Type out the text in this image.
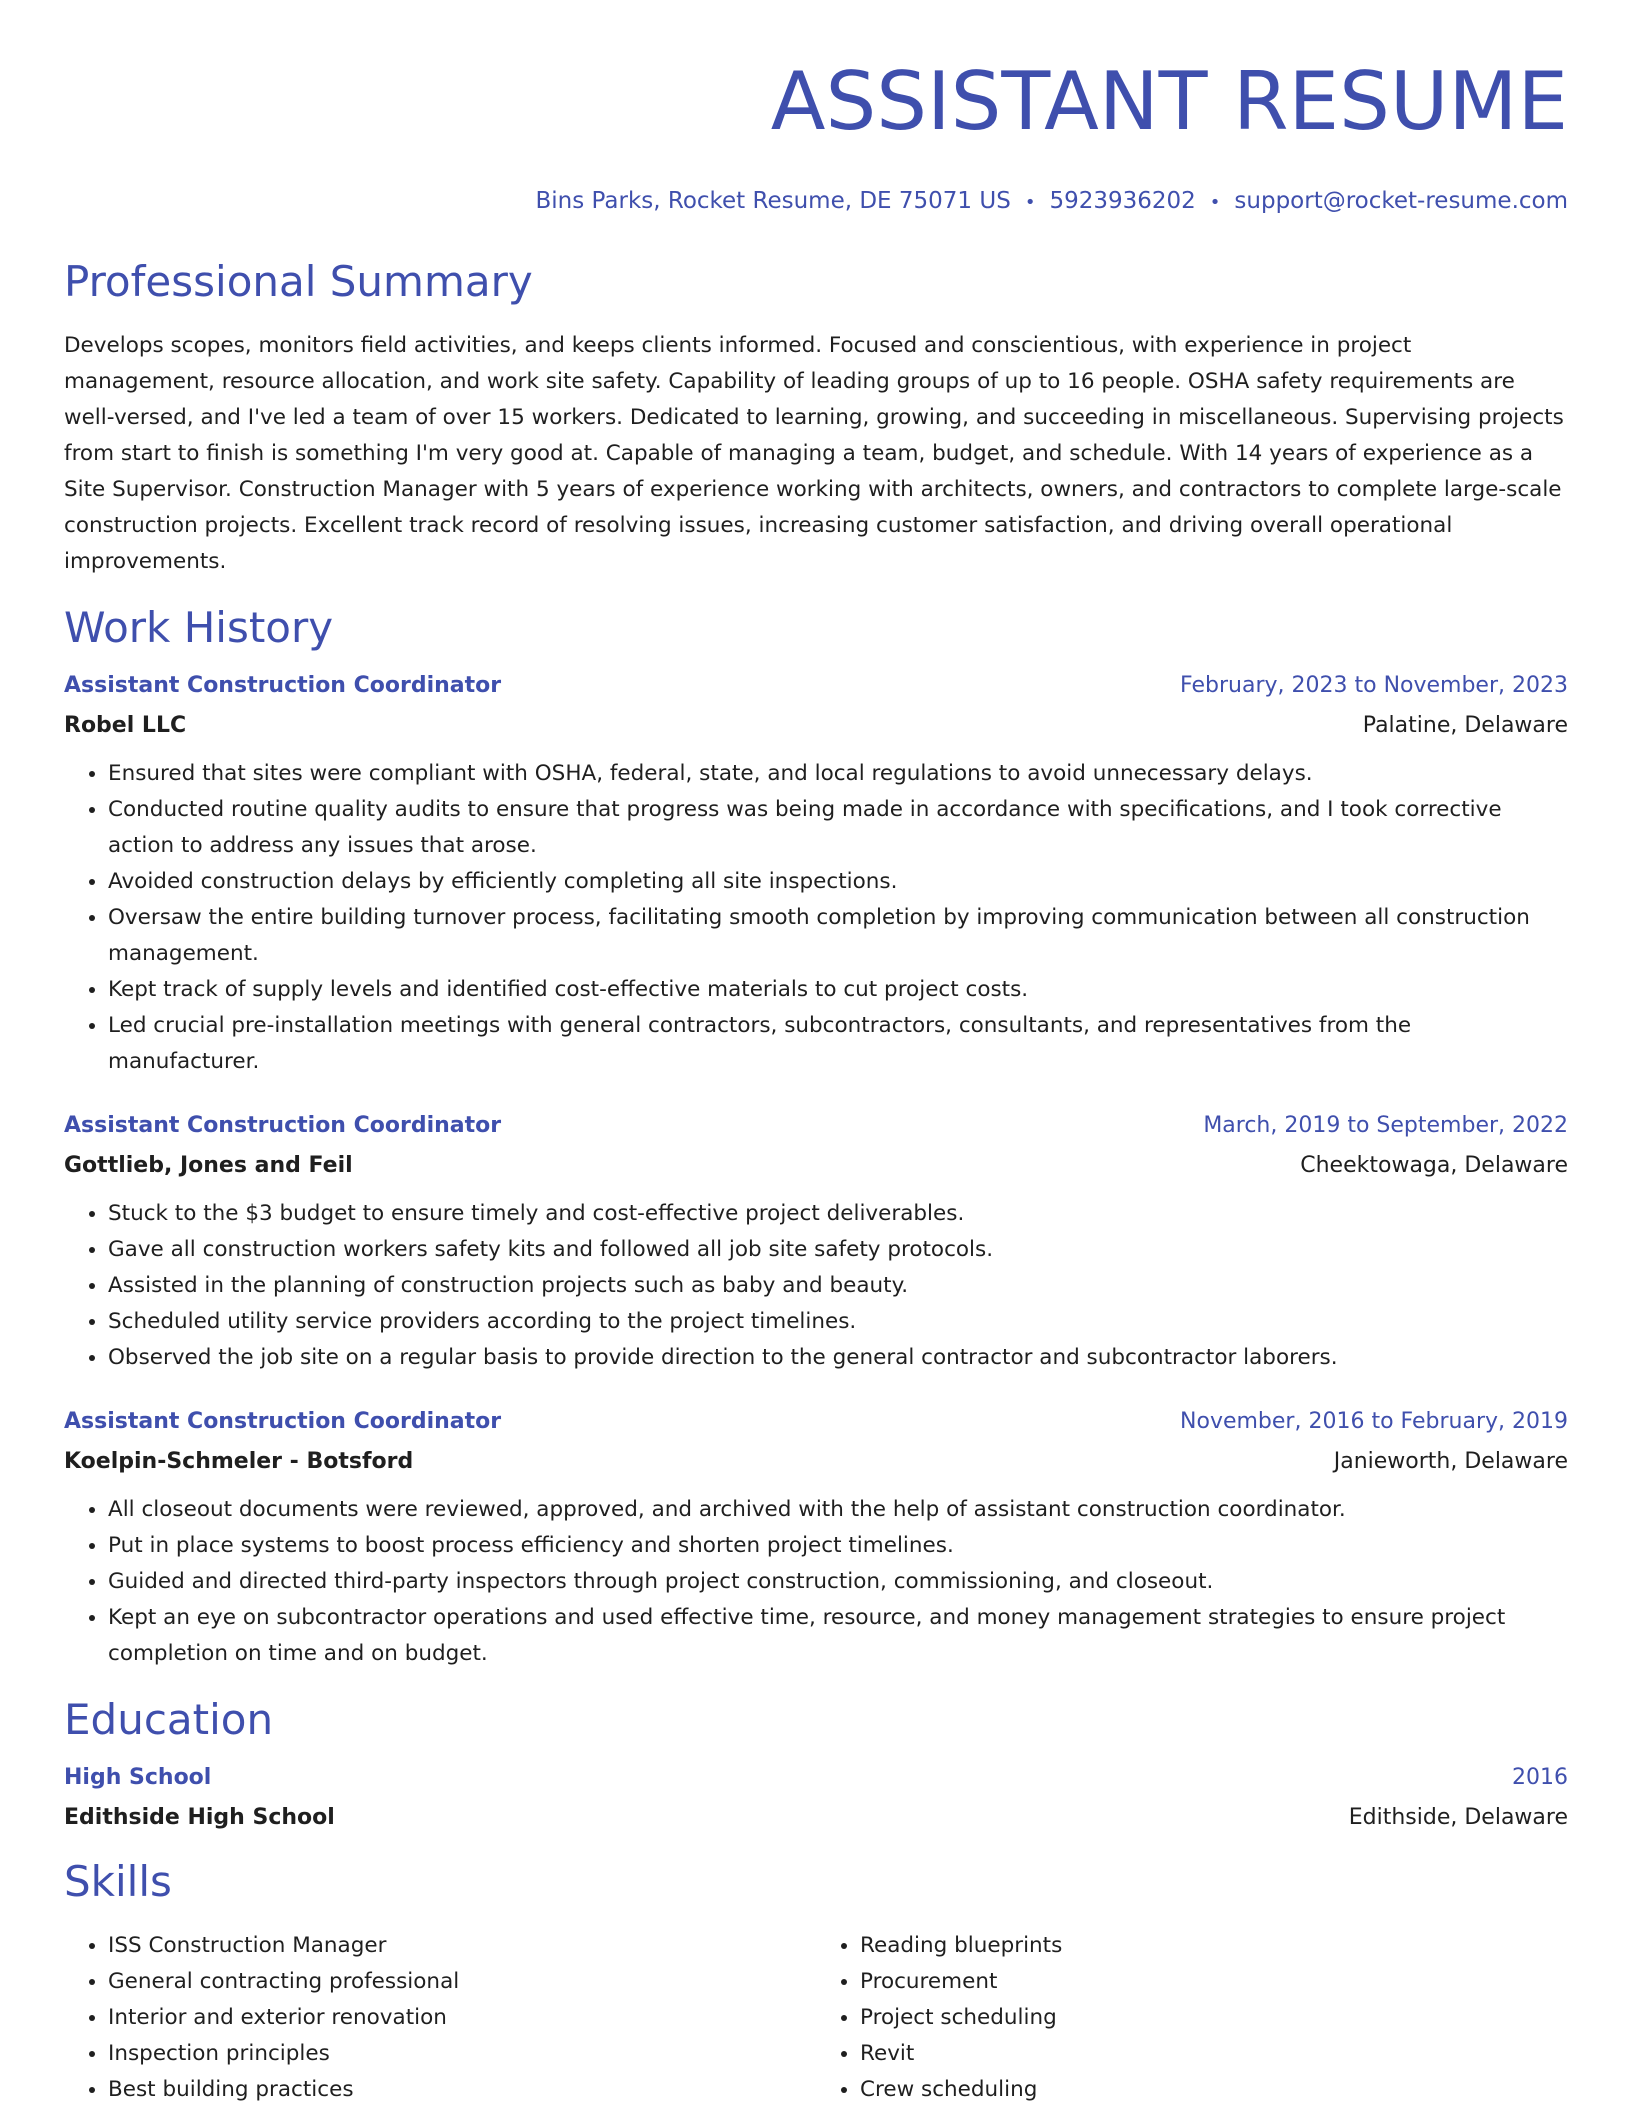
ASSISTANT RESUME
Bins Parks, Rocket Resume, DE 75071 US • 5923936202 • support@rocket-resume.com
Professional Summary
Develops scopes, monitors field activities, and keeps clients informed. Focused and conscientious, with experience in project management, resource allocation, and work site safety. Capability of leading groups of up to 16 people. OSHA safety requirements are well-versed, and I've led a team of over 15 workers. Dedicated to learning, growing, and succeeding in miscellaneous. Supervising projects from start to finish is something I'm very good at. Capable of managing a team, budget, and schedule. With 14 years of experience as a Site Supervisor. Construction Manager with 5 years of experience working with architects, owners, and contractors to complete large-scale construction projects. Excellent track record of resolving issues, increasing customer satisfaction, and driving overall operational improvements.
Work History
Assistant Construction Coordinator	February, 2023 to November, 2023
Robel LLC	Palatine, Delaware
• Ensured that sites were compliant with OSHA, federal, state, and local regulations to avoid unnecessary delays.
• Conducted routine quality audits to ensure that progress was being made in accordance with specifications, and I took corrective action to address any issues that arose.
• Avoided construction delays by efficiently completing all site inspections.
• Oversaw the entire building turnover process, facilitating smooth completion by improving communication between all construction management.
• Kept track of supply levels and identified cost-effective materials to cut project costs.
• Led crucial pre-installation meetings with general contractors, subcontractors, consultants, and representatives from the manufacturer.
Assistant Construction Coordinator	March, 2019 to September, 2022
Gottlieb, Jones and Feil	Cheektowaga, Delaware
• Stuck to the $3 budget to ensure timely and cost-effective project deliverables.
• Gave all construction workers safety kits and followed all job site safety protocols.
• Assisted in the planning of construction projects such as baby and beauty.
• Scheduled utility service providers according to the project timelines.
• Observed the job site on a regular basis to provide direction to the general contractor and subcontractor laborers.
Assistant Construction Coordinator	November, 2016 to February, 2019
Koelpin-Schmeler - Botsford	Janieworth, Delaware
• All closeout documents were reviewed, approved, and archived with the help of assistant construction coordinator.
• Put in place systems to boost process efficiency and shorten project timelines.
• Guided and directed third-party inspectors through project construction, commissioning, and closeout.
• Kept an eye on subcontractor operations and used effective time, resource, and money management strategies to ensure project completion on time and on budget.
Education
High School	2016
Edithside High School	Edithside, Delaware
Skills
• ISS Construction Manager
• General contracting professional
• Interior and exterior renovation
• Inspection principles
• Best building practices
• Reading blueprints
• Procurement
• Project scheduling
• Revit
• Crew scheduling
